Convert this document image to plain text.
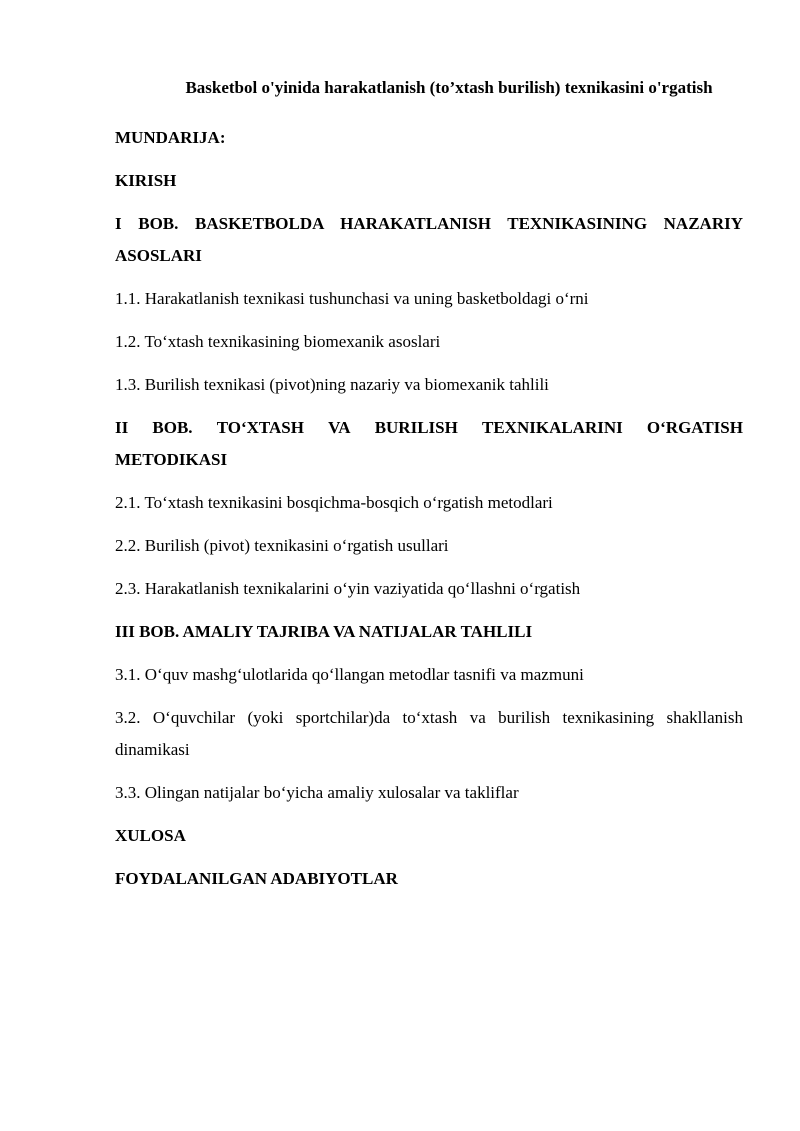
Basketbol o'yinida harakatlanish (to’xtash burilish) texnikasini o'rgatish
MUNDARIJA:
KIRISH
I BOB. BASKETBOLDA HARAKATLANISH TEXNIKASINING NAZARIY ASOSLARI
1.1. Harakatlanish texnikasi tushunchasi va uning basketboldagi o‘rni
1.2. To‘xtash texnikasining biomexanik asoslari
1.3. Burilish texnikasi (pivot)ning nazariy va biomexanik tahlili
II BOB. TO‘XTASH VA BURILISH TEXNIKALARINI O‘RGATISH
METODIKASI
2.1. To‘xtash texnikasini bosqichma-bosqich o‘rgatish metodlari
2.2. Burilish (pivot) texnikasini o‘rgatish usullari
2.3. Harakatlanish texnikalarini o‘yin vaziyatida qo‘llashni o‘rgatish
III BOB. AMALIY TAJRIBA VA NATIJALAR TAHLILI
3.1. O‘quv mashg‘ulotlarida qo‘llangan metodlar tasnifi va mazmuni
3.2. O‘quvchilar (yoki sportchilar)da to‘xtash va burilish texnikasining shakllanish dinamikasi
3.3. Olingan natijalar bo‘yicha amaliy xulosalar va takliflar
XULOSA
FOYDALANILGAN ADABIYOTLAR
